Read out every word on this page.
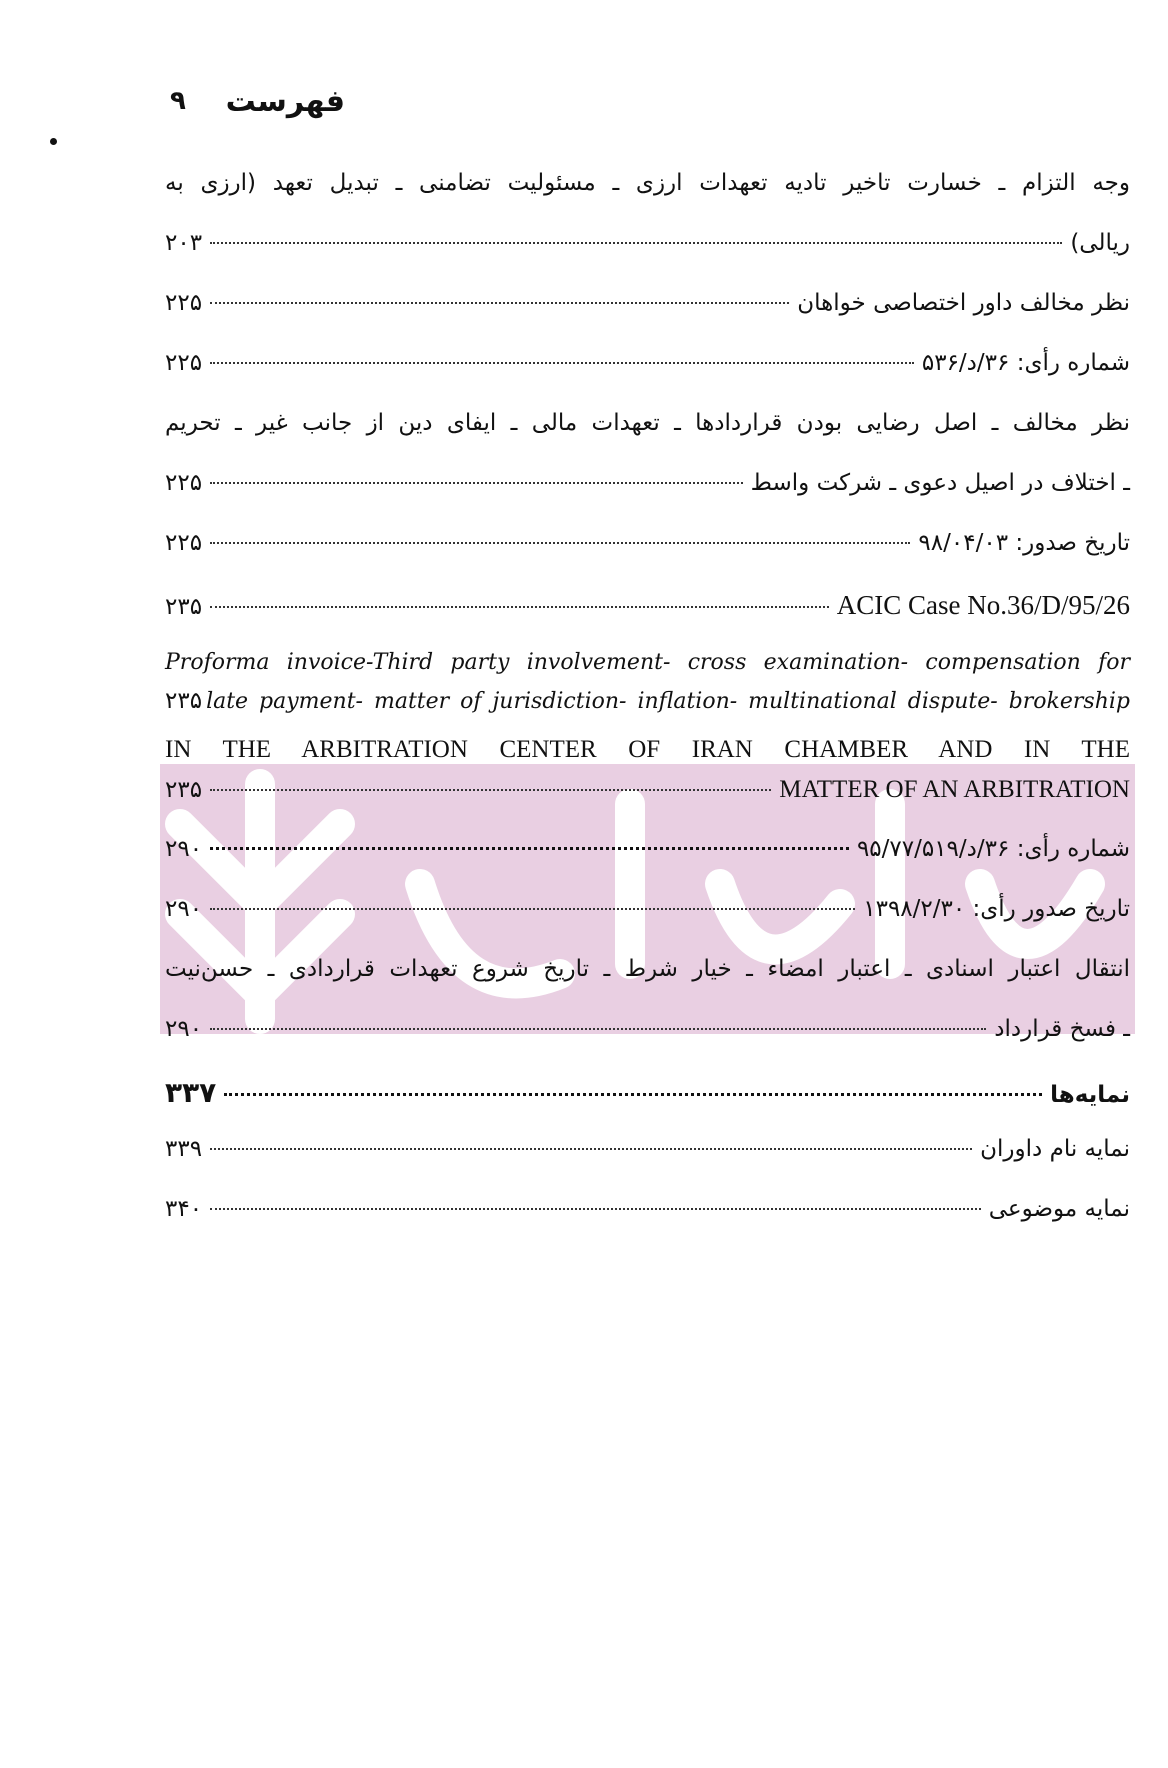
فهرست
۹
وجه التزام ـ خسارت تاخیر تادیه تعهدات ارزی ـ مسئولیت تضامنی ـ تبدیل تعهد (ارزی به
ریالی)
۲۰۳
نظر مخالف داور اختصاصی خواهان
۲۲۵
شماره رأی: ۳۶/د/۵۳۶
۲۲۵
نظر مخالف ـ اصل رضایی بودن قراردادها ـ تعهدات مالی ـ ایفای دین از جانب غیر ـ تحریم
ـ اختلاف در اصیل دعوی ـ شرکت واسط
۲۲۵
تاریخ صدور: ۹۸/۰۴/۰۳
۲۲۵
ACIC Case No.36/D/95/26
۲۳۵
Proforma invoice-Third party involvement- cross examination- compensation for
۲۳۵ late payment- matter of jurisdiction- inflation- multinational dispute- brokership
IN THE ARBITRATION CENTER OF IRAN CHAMBER AND IN THE
MATTER OF AN ARBITRATION
۲۳۵
شماره رأی: ۳۶/د/۹۵/۷۷/۵۱۹
۲۹۰
تاریخ صدور رأی: ۱۳۹۸/۲/۳۰
۲۹۰
انتقال اعتبار اسنادی ـ اعتبار امضاء ـ خیار شرط ـ تاریخ شروع تعهدات قراردادی ـ حسن‌نیت
ـ فسخ قرارداد
۲۹۰
نمایه‌ها
۳۳۷
نمایه نام داوران
۳۳۹
نمایه موضوعی
۳۴۰
